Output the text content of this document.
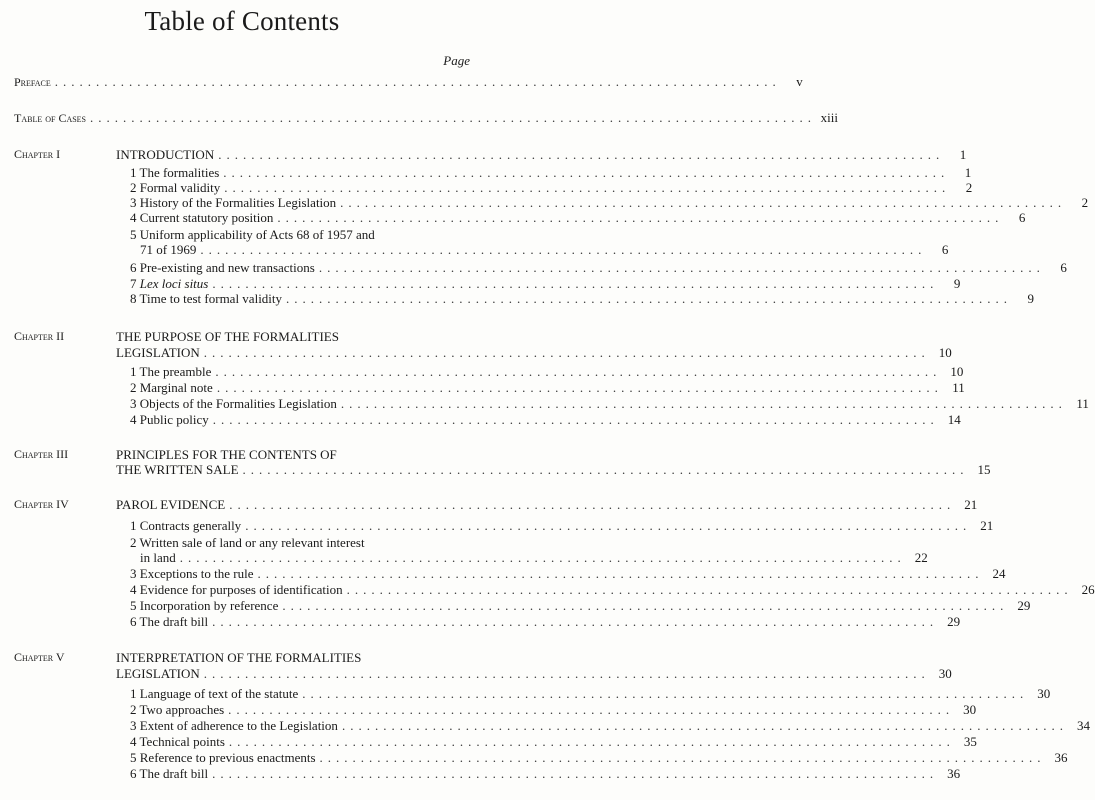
Table of Contents
Page
Preface ........................................................................................	v
Table of Cases ........................................................................................ xiii
Chapter I	INTRODUCTION ........................................................................................	1
1 The formalities ........................................................................................	1
2 Formal validity ........................................................................................	2
3 History of the Formalities Legislation ........................................................................................	2
4 Current statutory position ........................................................................................	6
5 Uniform applicability of Acts 68 of 1957 and
71 of 1969 ........................................................................................	6
6 Pre-existing and new transactions ........................................................................................	6
7 Lex loci situs ........................................................................................	9
8 Time to test formal validity ........................................................................................	9
Chapter II	THE PURPOSE OF THE FORMALITIES
LEGISLATION ........................................................................................ 10
1 The preamble ........................................................................................ 10
2 Marginal note ........................................................................................ 11
3 Objects of the Formalities Legislation ........................................................................................ 11
4 Public policy ........................................................................................ 14
Chapter III	PRINCIPLES FOR THE CONTENTS OF
THE WRITTEN SALE ........................................................................................ 15
Chapter IV	PAROL EVIDENCE ........................................................................................ 21
1 Contracts generally ........................................................................................ 21
2 Written sale of land or any relevant interest
in land ........................................................................................ 22
3 Exceptions to the rule ........................................................................................ 24
4 Evidence for purposes of identification ........................................................................................ 26
5 Incorporation by reference ........................................................................................ 29
6 The draft bill ........................................................................................ 29
Chapter V	INTERPRETATION OF THE FORMALITIES
LEGISLATION ........................................................................................ 30
1 Language of text of the statute ........................................................................................ 30
2 Two approaches ........................................................................................ 30
3 Extent of adherence to the Legislation ........................................................................................ 34
4 Technical points ........................................................................................ 35
5 Reference to previous enactments ........................................................................................ 36
6 The draft bill ........................................................................................ 36
